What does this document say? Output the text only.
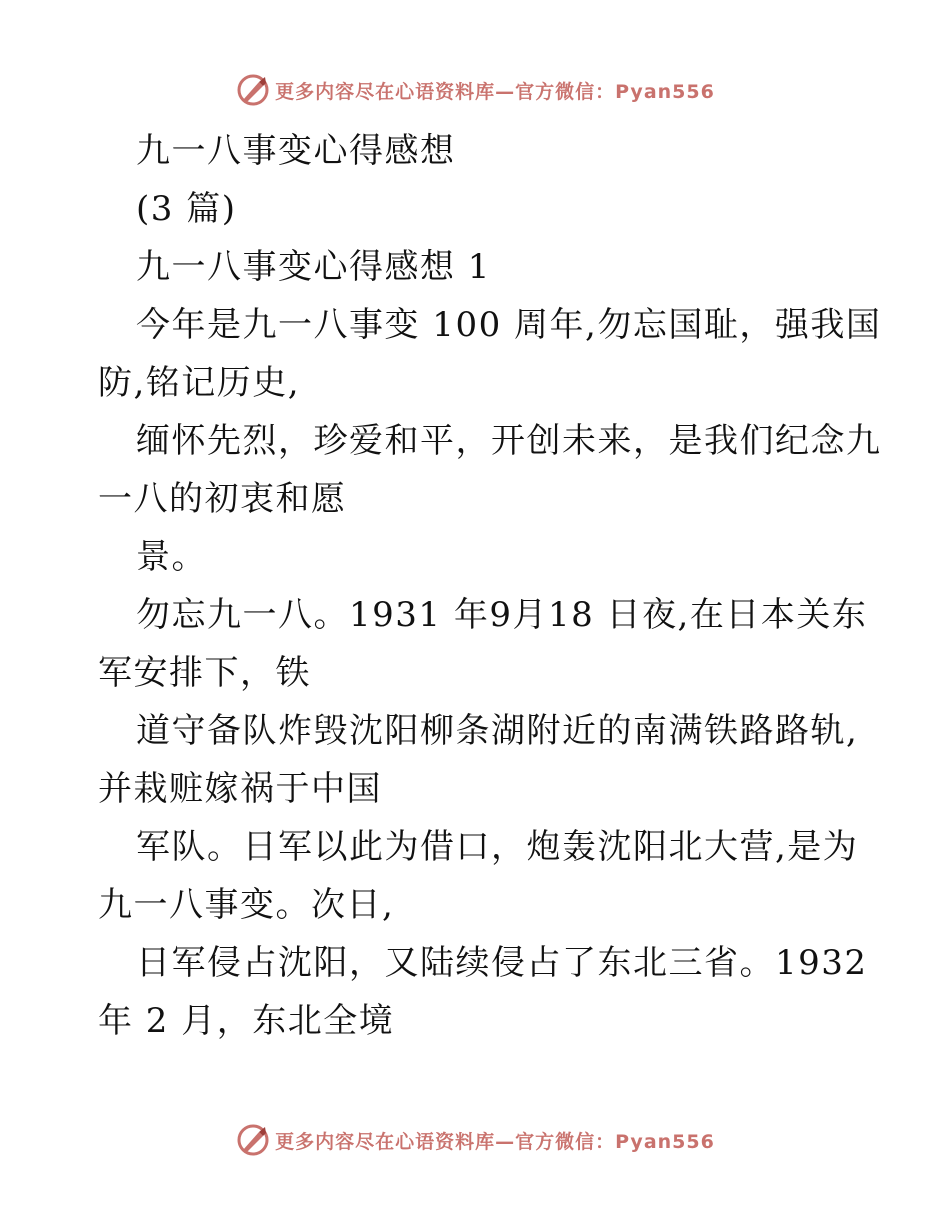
更多内容尽在心语资料库—官方微信：Pyan556
九一八事变心得感想
(3 篇)
九一八事变心得感想 1
今年是九一八事变 100 周年,勿忘国耻，强我国
防,铭记历史,
缅怀先烈，珍爱和平，开创未来，是我们纪念九
一八的初衷和愿
景。
勿忘九一八。1931 年9月18 日夜,在日本关东
军安排下，铁
道守备队炸毁沈阳柳条湖附近的南满铁路路轨,
并栽赃嫁祸于中国
军队。日军以此为借口，炮轰沈阳北大营,是为
九一八事变。次日,
日军侵占沈阳，又陆续侵占了东北三省。1932
年 2 月，东北全境
更多内容尽在心语资料库—官方微信：Pyan556
